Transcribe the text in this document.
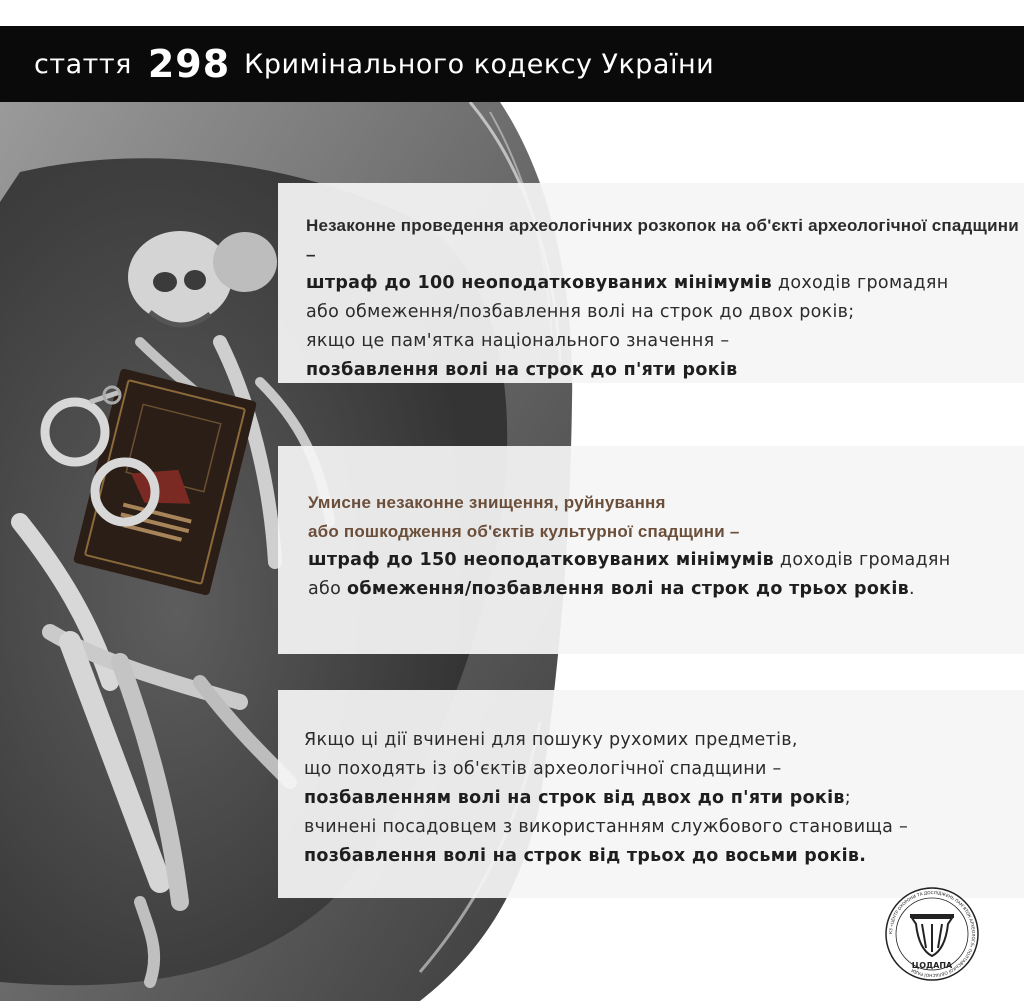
стаття 298 Кримінального кодексу України

Незаконне проведення археологічних розкопок на об'єкті археологічної спадщини –

штраф до 100 неоподатковуваних мінімумів доходів громадян

або обмеження/позбавлення волі на строк до двох років;

якщо це пам'ятка національного значення –

позбавлення волі на строк до п'яти років

Умисне незаконне знищення, руйнування

або пошкодження об'єктів культурної спадщини –

штраф до 150 неоподатковуваних мінімумів доходів громадян

або обмеження/позбавлення волі на строк до трьох років.

Якщо ці дії вчинені для пошуку рухомих предметів,

що походять із об'єктів археологічної спадщини –

позбавленням волі на строк від двох до п'яти років;

вчинені посадовцем з використанням службового становища –

позбавлення волі на строк від трьох до восьми років.

КЗ «ЦЕНТР ОХОРОНИ ТА ДОСЛІДЖЕНЬ ПАМ'ЯТОК АРХЕОЛОГІЇ» ПОЛТАВСЬКОЇ ОБЛАСНОЇ РАДИ
ЦОДАПА
